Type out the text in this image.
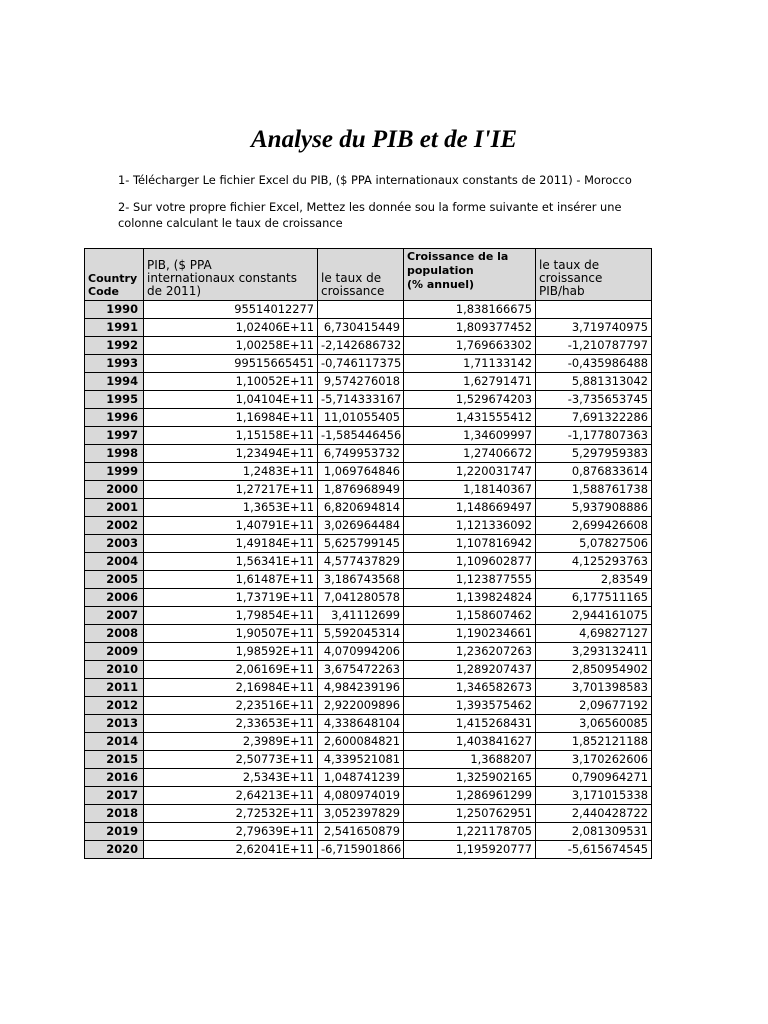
Analyse du PIB et de I'IE
1- Télécharger Le fichier Excel du PIB, ($ PPA internationaux constants de 2011) - Morocco
2- Sur votre propre fichier Excel, Mettez les donnée sou la forme suivante et insérer une colonne calculant le taux de croissance
Country
Code	PIB, ($ PPA
internationaux constants
de 2011)	le taux de
croissance	Croissance de la
population
(% annuel)	le taux de
croissance
PIB/hab

1990	95514012277		1,838166675	
1991	1,02406E+11	6,730415449	1,809377452	3,719740975
1992	1,00258E+11	-2,142686732	1,769663302	-1,210787797
1993	99515665451	-0,746117375	1,71133142	-0,435986488
1994	1,10052E+11	9,574276018	1,62791471	5,881313042
1995	1,04104E+11	-5,714333167	1,529674203	-3,735653745
1996	1,16984E+11	11,01055405	1,431555412	7,691322286
1997	1,15158E+11	-1,585446456	1,34609997	-1,177807363
1998	1,23494E+11	6,749953732	1,27406672	5,297959383
1999	1,2483E+11	1,069764846	1,220031747	0,876833614
2000	1,27217E+11	1,876968949	1,18140367	1,588761738
2001	1,3653E+11	6,820694814	1,148669497	5,937908886
2002	1,40791E+11	3,026964484	1,121336092	2,699426608
2003	1,49184E+11	5,625799145	1,107816942	5,07827506
2004	1,56341E+11	4,577437829	1,109602877	4,125293763
2005	1,61487E+11	3,186743568	1,123877555	2,83549
2006	1,73719E+11	7,041280578	1,139824824	6,177511165
2007	1,79854E+11	3,41112699	1,158607462	2,944161075
2008	1,90507E+11	5,592045314	1,190234661	4,69827127
2009	1,98592E+11	4,070994206	1,236207263	3,293132411
2010	2,06169E+11	3,675472263	1,289207437	2,850954902
2011	2,16984E+11	4,984239196	1,346582673	3,701398583
2012	2,23516E+11	2,922009896	1,393575462	2,09677192
2013	2,33653E+11	4,338648104	1,415268431	3,06560085
2014	2,3989E+11	2,600084821	1,403841627	1,852121188
2015	2,50773E+11	4,339521081	1,3688207	3,170262606
2016	2,5343E+11	1,048741239	1,325902165	0,790964271
2017	2,64213E+11	4,080974019	1,286961299	3,171015338
2018	2,72532E+11	3,052397829	1,250762951	2,440428722
2019	2,79639E+11	2,541650879	1,221178705	2,081309531
2020	2,62041E+11	-6,715901866	1,195920777	-5,615674545
